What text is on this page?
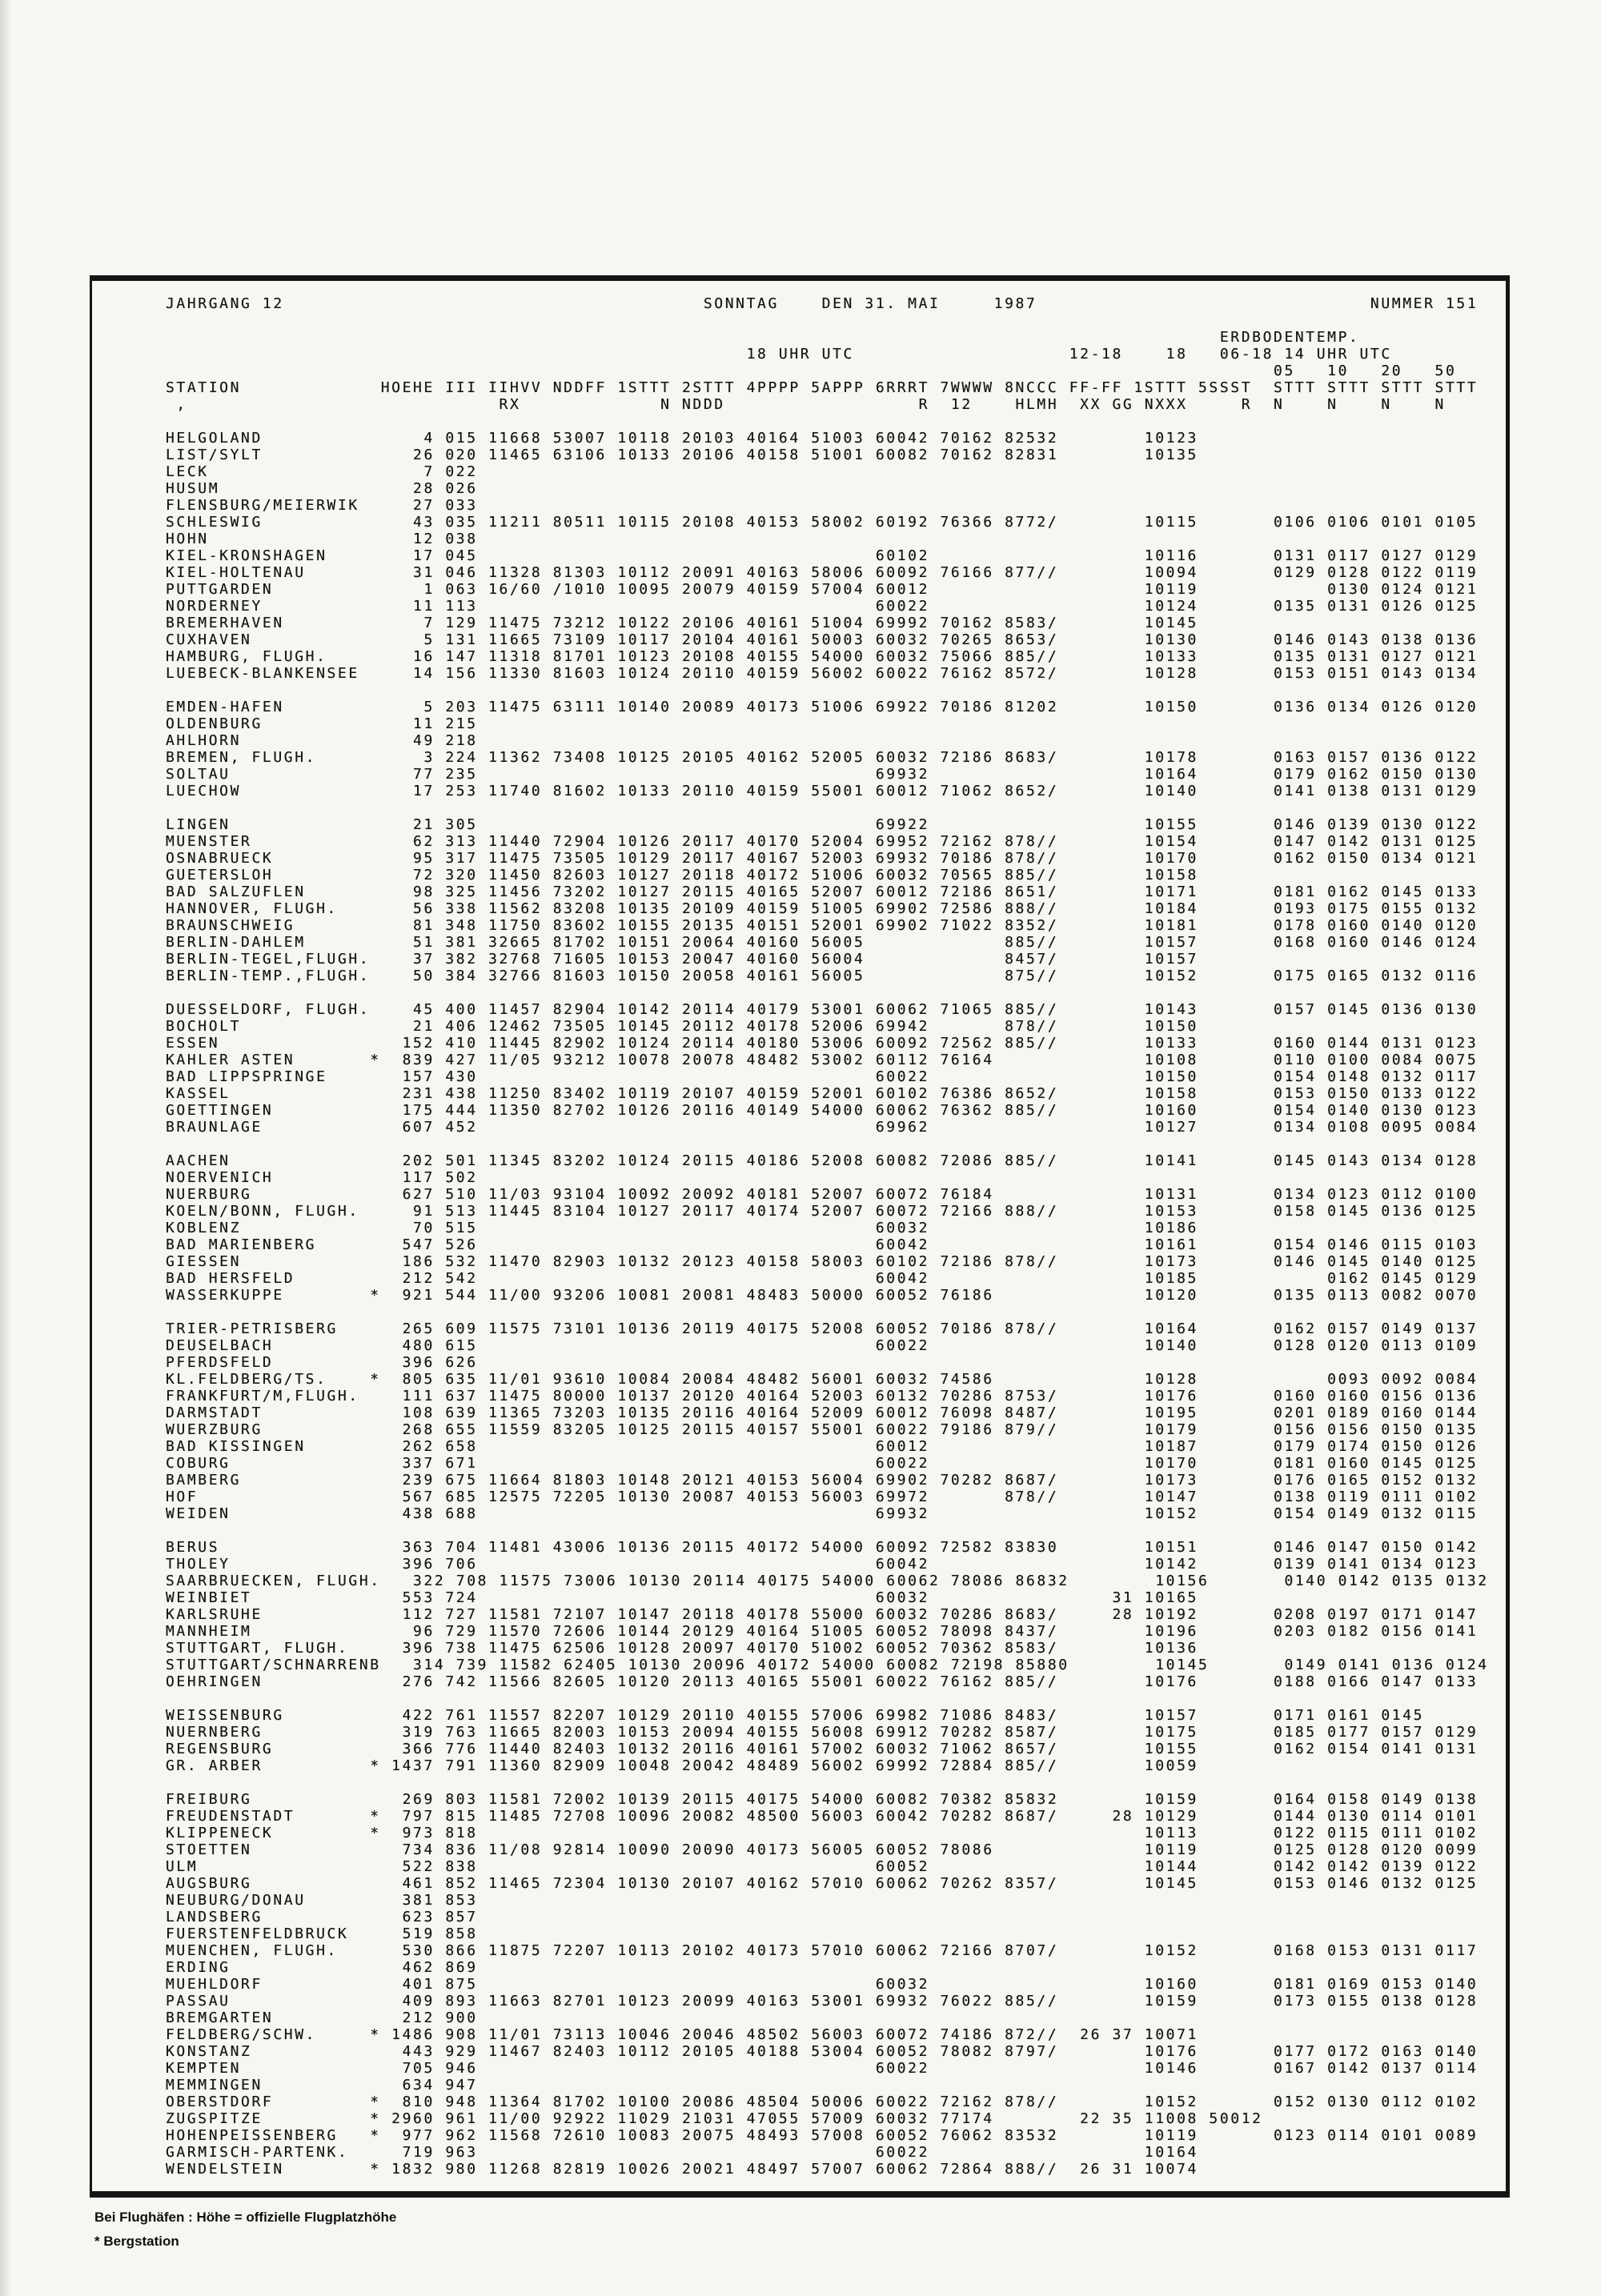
JAHRGANG 12                                       SONNTAG    DEN 31. MAI     1987                               NUMMER 151

ERDBODENTEMP.
18 UHR UTC                    12-18    18   06-18 14 UHR UTC
05   10   20   50
STATION             HOEHE III IIHVV NDDFF 1STTT 2STTT 4PPPP 5APPP 6RRRT 7WWWW 8NCCC FF-FF 1STTT 5SSST  STTT STTT STTT STTT
,                             RX             N NDDD                  R  12    HLMH  XX GG NXXX     R  N    N    N    N

HELGOLAND               4 015 11668 53007 10118 20103 40164 51003 60042 70162 82532        10123
LIST/SYLT              26 020 11465 63106 10133 20106 40158 51001 60082 70162 82831        10135
LECK                    7 022
HUSUM                  28 026
FLENSBURG/MEIERWIK     27 033
SCHLESWIG              43 035 11211 80511 10115 20108 40153 58002 60192 76366 8772/        10115       0106 0106 0101 0105
HOHN                   12 038
KIEL-KRONSHAGEN        17 045                                     60102                    10116       0131 0117 0127 0129
KIEL-HOLTENAU          31 046 11328 81303 10112 20091 40163 58006 60092 76166 877//        10094       0129 0128 0122 0119
PUTTGARDEN              1 063 16/60 /1010 10095 20079 40159 57004 60012                    10119            0130 0124 0121
NORDERNEY              11 113                                     60022                    10124       0135 0131 0126 0125
BREMERHAVEN             7 129 11475 73212 10122 20106 40161 51004 69992 70162 8583/        10145
CUXHAVEN                5 131 11665 73109 10117 20104 40161 50003 60032 70265 8653/        10130       0146 0143 0138 0136
HAMBURG, FLUGH.        16 147 11318 81701 10123 20108 40155 54000 60032 75066 885//        10133       0135 0131 0127 0121
LUEBECK-BLANKENSEE     14 156 11330 81603 10124 20110 40159 56002 60022 76162 8572/        10128       0153 0151 0143 0134

EMDEN-HAFEN             5 203 11475 63111 10140 20089 40173 51006 69922 70186 81202        10150       0136 0134 0126 0120
OLDENBURG              11 215
AHLHORN                49 218
BREMEN, FLUGH.          3 224 11362 73408 10125 20105 40162 52005 60032 72186 8683/        10178       0163 0157 0136 0122
SOLTAU                 77 235                                     69932                    10164       0179 0162 0150 0130
LUECHOW                17 253 11740 81602 10133 20110 40159 55001 60012 71062 8652/        10140       0141 0138 0131 0129

LINGEN                 21 305                                     69922                    10155       0146 0139 0130 0122
MUENSTER               62 313 11440 72904 10126 20117 40170 52004 69952 72162 878//        10154       0147 0142 0131 0125
OSNABRUECK             95 317 11475 73505 10129 20117 40167 52003 69932 70186 878//        10170       0162 0150 0134 0121
GUETERSLOH             72 320 11450 82603 10127 20118 40172 51006 60032 70565 885//        10158
BAD SALZUFLEN          98 325 11456 73202 10127 20115 40165 52007 60012 72186 8651/        10171       0181 0162 0145 0133
HANNOVER, FLUGH.       56 338 11562 83208 10135 20109 40159 51005 69902 72586 888//        10184       0193 0175 0155 0132
BRAUNSCHWEIG           81 348 11750 83602 10155 20135 40151 52001 69902 71022 8352/        10181       0178 0160 0140 0120
BERLIN-DAHLEM          51 381 32665 81702 10151 20064 40160 56005             885//        10157       0168 0160 0146 0124
BERLIN-TEGEL,FLUGH.    37 382 32768 71605 10153 20047 40160 56004             8457/        10157
BERLIN-TEMP.,FLUGH.    50 384 32766 81603 10150 20058 40161 56005             875//        10152       0175 0165 0132 0116

DUESSELDORF, FLUGH.    45 400 11457 82904 10142 20114 40179 53001 60062 71065 885//        10143       0157 0145 0136 0130
BOCHOLT                21 406 12462 73505 10145 20112 40178 52006 69942       878//        10150
ESSEN                 152 410 11445 82902 10124 20114 40180 53006 60092 72562 885//        10133       0160 0144 0131 0123
KAHLER ASTEN       *  839 427 11/05 93212 10078 20078 48482 53002 60112 76164              10108       0110 0100 0084 0075
BAD LIPPSPRINGE       157 430                                     60022                    10150       0154 0148 0132 0117
KASSEL                231 438 11250 83402 10119 20107 40159 52001 60102 76386 8652/        10158       0153 0150 0133 0122
GOETTINGEN            175 444 11350 82702 10126 20116 40149 54000 60062 76362 885//        10160       0154 0140 0130 0123
BRAUNLAGE             607 452                                     69962                    10127       0134 0108 0095 0084

AACHEN                202 501 11345 83202 10124 20115 40186 52008 60082 72086 885//        10141       0145 0143 0134 0128
NOERVENICH            117 502
NUERBURG              627 510 11/03 93104 10092 20092 40181 52007 60072 76184              10131       0134 0123 0112 0100
KOELN/BONN, FLUGH.     91 513 11445 83104 10127 20117 40174 52007 60072 72166 888//        10153       0158 0145 0136 0125
KOBLENZ                70 515                                     60032                    10186
BAD MARIENBERG        547 526                                     60042                    10161       0154 0146 0115 0103
GIESSEN               186 532 11470 82903 10132 20123 40158 58003 60102 72186 878//        10173       0146 0145 0140 0125
BAD HERSFELD          212 542                                     60042                    10185            0162 0145 0129
WASSERKUPPE        *  921 544 11/00 93206 10081 20081 48483 50000 60052 76186              10120       0135 0113 0082 0070

TRIER-PETRISBERG      265 609 11575 73101 10136 20119 40175 52008 60052 70186 878//        10164       0162 0157 0149 0137
DEUSELBACH            480 615                                     60022                    10140       0128 0120 0113 0109
PFERDSFELD            396 626
KL.FELDBERG/TS.    *  805 635 11/01 93610 10084 20084 48482 56001 60032 74586              10128            0093 0092 0084
FRANKFURT/M,FLUGH.    111 637 11475 80000 10137 20120 40164 52003 60132 70286 8753/        10176       0160 0160 0156 0136
DARMSTADT             108 639 11365 73203 10135 20116 40164 52009 60012 76098 8487/        10195       0201 0189 0160 0144
WUERZBURG             268 655 11559 83205 10125 20115 40157 55001 60022 79186 879//        10179       0156 0156 0150 0135
BAD KISSINGEN         262 658                                     60012                    10187       0179 0174 0150 0126
COBURG                337 671                                     60022                    10170       0181 0160 0145 0125
BAMBERG               239 675 11664 81803 10148 20121 40153 56004 69902 70282 8687/        10173       0176 0165 0152 0132
HOF                   567 685 12575 72205 10130 20087 40153 56003 69972       878//        10147       0138 0119 0111 0102
WEIDEN                438 688                                     69932                    10152       0154 0149 0132 0115

BERUS                 363 704 11481 43006 10136 20115 40172 54000 60092 72582 83830        10151       0146 0147 0150 0142
THOLEY                396 706                                     60042                    10142       0139 0141 0134 0123
SAARBRUECKEN, FLUGH.   322 708 11575 73006 10130 20114 40175 54000 60062 78086 86832        10156       0140 0142 0135 0132
WEINBIET              553 724                                     60032                 31 10165
KARLSRUHE             112 727 11581 72107 10147 20118 40178 55000 60032 70286 8683/     28 10192       0208 0197 0171 0147
MANNHEIM               96 729 11570 72606 10144 20129 40164 51005 60052 78098 8437/        10196       0203 0182 0156 0141
STUTTGART, FLUGH.     396 738 11475 62506 10128 20097 40170 51002 60052 70362 8583/        10136
STUTTGART/SCHNARRENB   314 739 11582 62405 10130 20096 40172 54000 60082 72198 85880        10145       0149 0141 0136 0124
OEHRINGEN             276 742 11566 82605 10120 20113 40165 55001 60022 76162 885//        10176       0188 0166 0147 0133

WEISSENBURG           422 761 11557 82207 10129 20110 40155 57006 69982 71086 8483/        10157       0171 0161 0145
NUERNBERG             319 763 11665 82003 10153 20094 40155 56008 69912 70282 8587/        10175       0185 0177 0157 0129
REGENSBURG            366 776 11440 82403 10132 20116 40161 57002 60032 71062 8657/        10155       0162 0154 0141 0131
GR. ARBER          * 1437 791 11360 82909 10048 20042 48489 56002 69992 72884 885//        10059

FREIBURG              269 803 11581 72002 10139 20115 40175 54000 60082 70382 85832        10159       0164 0158 0149 0138
FREUDENSTADT       *  797 815 11485 72708 10096 20082 48500 56003 60042 70282 8687/     28 10129       0144 0130 0114 0101
KLIPPENECK         *  973 818                                                              10113       0122 0115 0111 0102
STOETTEN              734 836 11/08 92814 10090 20090 40173 56005 60052 78086              10119       0125 0128 0120 0099
ULM                   522 838                                     60052                    10144       0142 0142 0139 0122
AUGSBURG              461 852 11465 72304 10130 20107 40162 57010 60062 70262 8357/        10145       0153 0146 0132 0125
NEUBURG/DONAU         381 853
LANDSBERG             623 857
FUERSTENFELDBRUCK     519 858
MUENCHEN, FLUGH.      530 866 11875 72207 10113 20102 40173 57010 60062 72166 8707/        10152       0168 0153 0131 0117
ERDING                462 869
MUEHLDORF             401 875                                     60032                    10160       0181 0169 0153 0140
PASSAU                409 893 11663 82701 10123 20099 40163 53001 69932 76022 885//        10159       0173 0155 0138 0128
BREMGARTEN            212 900
FELDBERG/SCHW.     * 1486 908 11/01 73113 10046 20046 48502 56003 60072 74186 872//  26 37 10071
KONSTANZ              443 929 11467 82403 10112 20105 40188 53004 60052 78082 8797/        10176       0177 0172 0163 0140
KEMPTEN               705 946                                     60022                    10146       0167 0142 0137 0114
MEMMINGEN             634 947
OBERSTDORF         *  810 948 11364 81702 10100 20086 48504 50006 60022 72162 878//        10152       0152 0130 0112 0102
ZUGSPITZE          * 2960 961 11/00 92922 11029 21031 47055 57009 60032 77174        22 35 11008 50012
HOHENPEISSENBERG   *  977 962 11568 72610 10083 20075 48493 57008 60052 76062 83532        10119       0123 0114 0101 0089
GARMISCH-PARTENK.     719 963                                     60022                    10164
WENDELSTEIN        * 1832 980 11268 82819 10026 20021 48497 57007 60062 72864 888//  26 31 10074
Bei Flughäfen : Höhe = offizielle Flugplatzhöhe
* Bergstation
